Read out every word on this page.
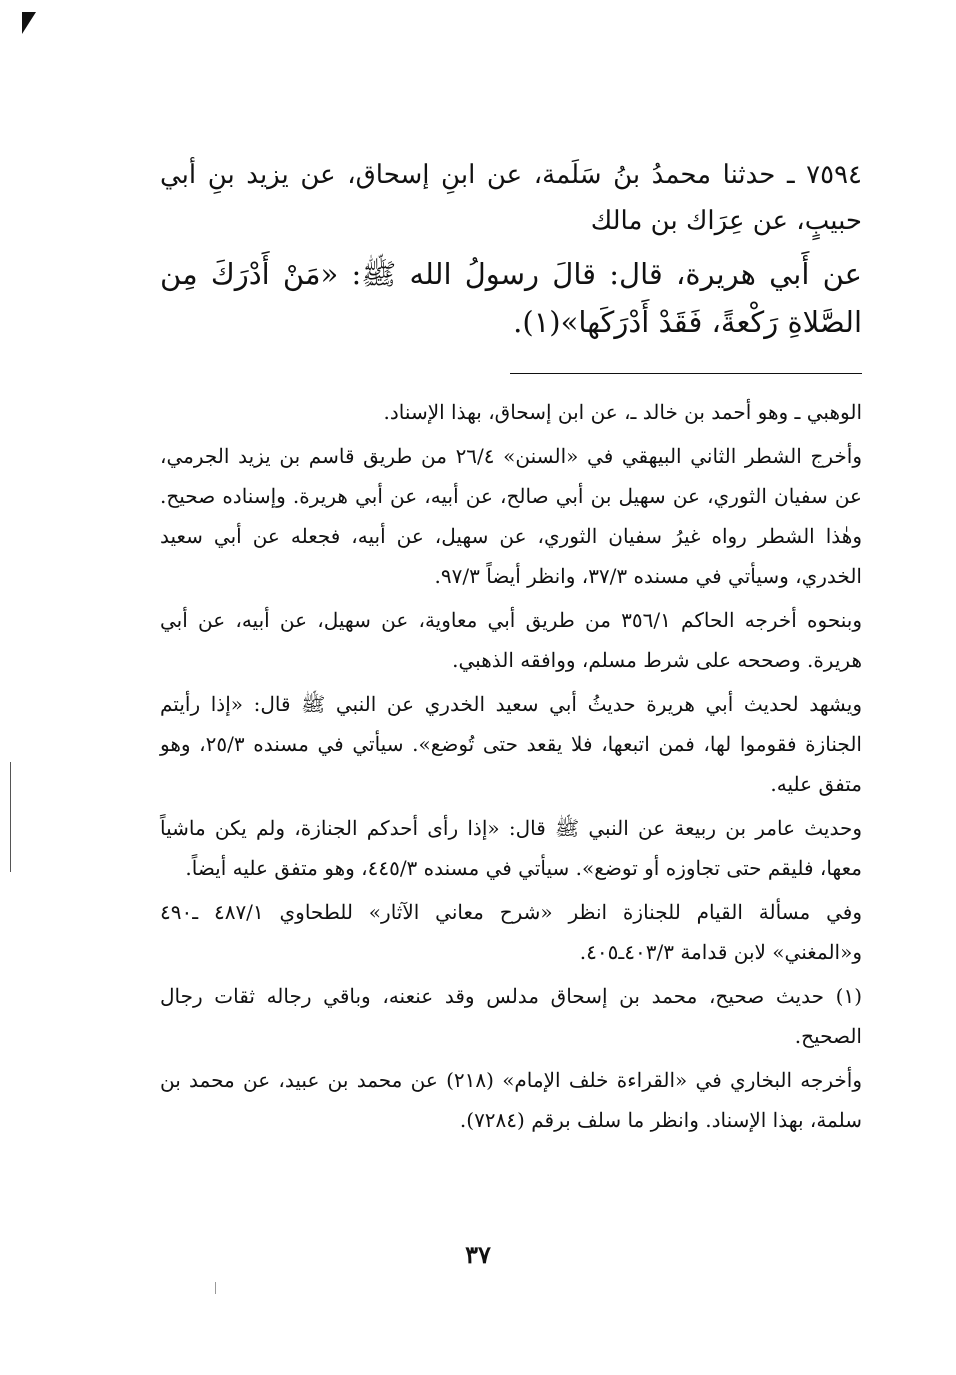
٧٥٩٤ ـ حدثنا محمدُ بنُ سَلَمة، عن ابنِ إسحاق، عن يزيد بنِ أبي حبيبٍ، عن عِرَاك بن مالك

عن أَبي هريرة، قال: قالَ رسولُ الله ﷺ: «مَنْ أَدْرَكَ مِن الصَّلاةِ رَكْعةً، فَقَدْ أَدْرَكَها»(١).

الوهبي ـ وهو أحمد بن خالد ـ، عن ابن إسحاق، بهذا الإسناد.

وأخرج الشطر الثاني البيهقي في «السنن» ٢٦/٤ من طريق قاسم بن يزيد الجرمي، عن سفيان الثوري، عن سهيل بن أبي صالح، عن أبيه، عن أبي هريرة. وإسناده صحيح. وهٰذا الشطر رواه غيرُ سفيان الثوري، عن سهيل، عن أبيه، فجعله عن أبي سعيد الخدري، وسيأتي في مسنده ٣٧/٣، وانظر أيضاً ٩٧/٣.

وبنحوه أخرجه الحاكم ٣٥٦/١ من طريق أبي معاوية، عن سهيل، عن أبيه، عن أبي هريرة. وصححه على شرط مسلم، ووافقه الذهبي.

ويشهد لحديث أبي هريرة حديثُ أبي سعيد الخدري عن النبي ﷺ قال: «إذا رأيتم الجنازة فقوموا لها، فمن اتبعها، فلا يقعد حتى تُوضع». سيأتي في مسنده ٢٥/٣، وهو متفق عليه.

وحديث عامر بن ربيعة عن النبي ﷺ قال: «إذا رأى أحدكم الجنازة، ولم يكن ماشياً معها، فليقم حتى تجاوزه أو توضع». سيأتي في مسنده ٤٤٥/٣، وهو متفق عليه أيضاً.

وفي مسألة القيام للجنازة انظر «شرح معاني الآثار» للطحاوي ٤٨٧/١ ـ٤٩٠ و«المغني» لابن قدامة ٤٠٣/٣ـ٤٠٥.

(١) حديث صحيح، محمد بن إسحاق مدلس وقد عنعنه، وباقي رجاله ثقات رجال الصحيح.

وأخرجه البخاري في «القراءة خلف الإمام» (٢١٨) عن محمد بن عبيد، عن محمد بن سلمة، بهذا الإسناد. وانظر ما سلف برقم (٧٢٨٤).

٣٧
